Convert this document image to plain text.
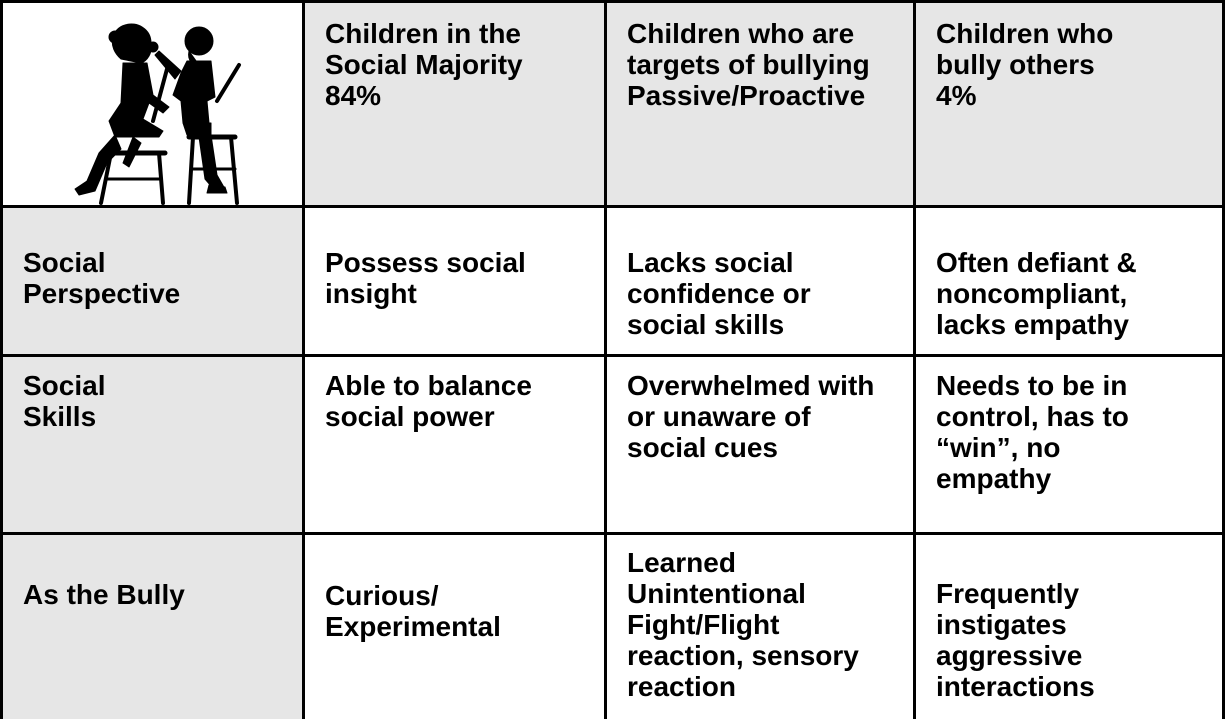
Children in the
Social Majority
84%
Children who are
targets of bullying
Passive/Proactive
Children who
bully others
4%
Social
Perspective
Possess social
insight
Lacks social
confidence or
social skills
Often defiant &
noncompliant,
lacks empathy
Social
Skills
Able to balance
social power
Overwhelmed with
or unaware of
social cues
Needs to be in
control, has to
“win”, no
empathy
As the Bully	Curious/
Experimental
Learned
Unintentional
Fight/Flight
reaction, sensory
reaction
Frequently
instigates
aggressive
interactions
